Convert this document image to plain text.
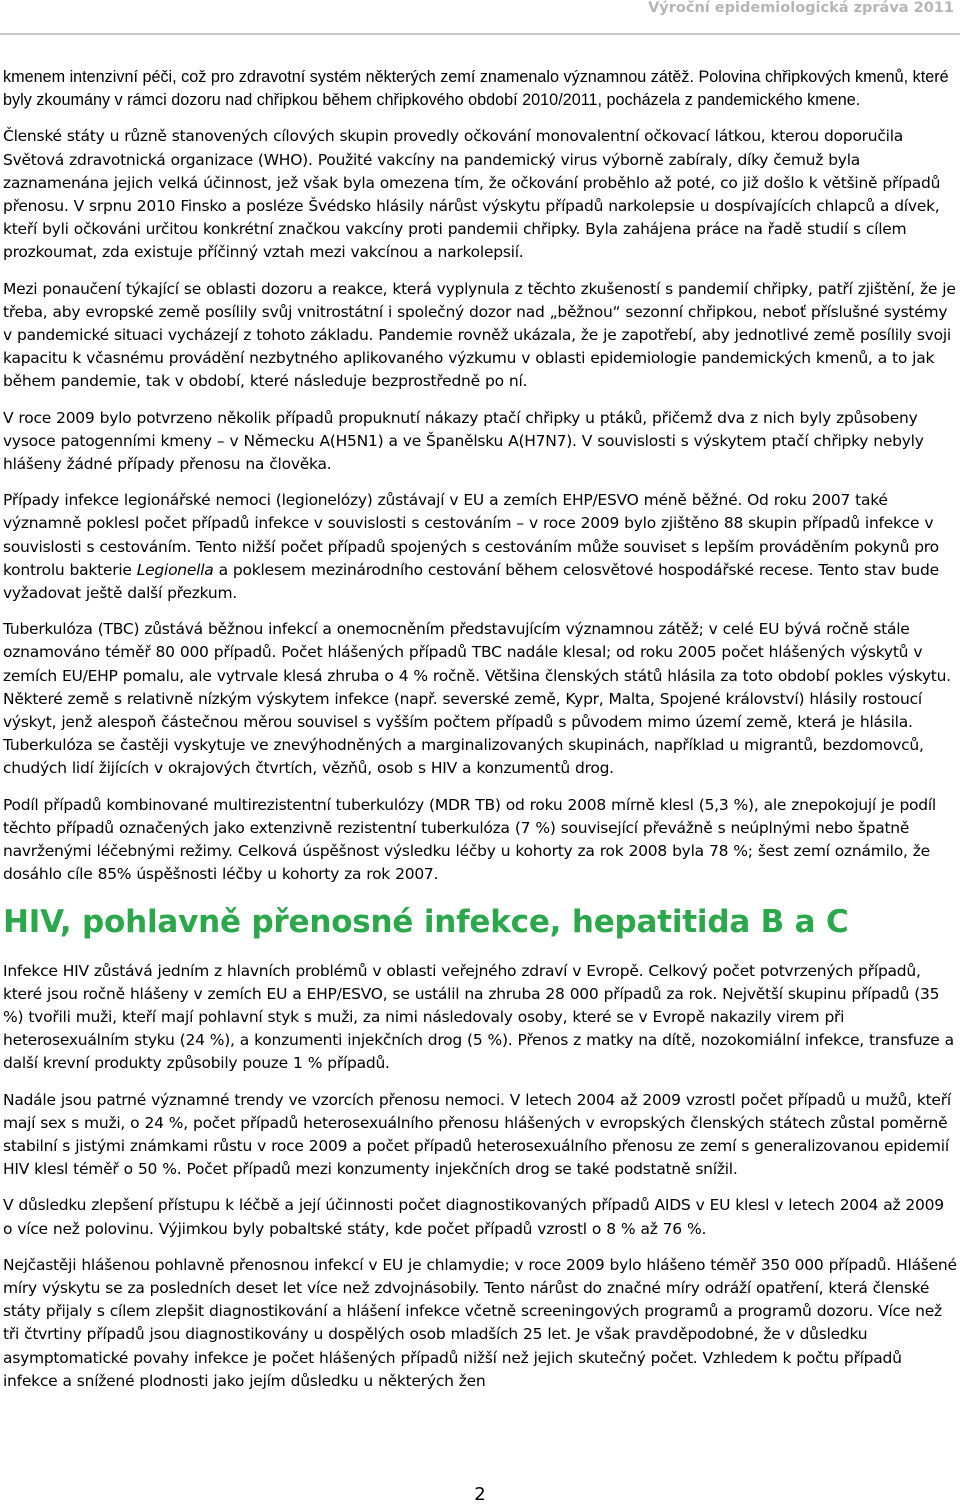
Výroční epidemiologická zpráva 2011

kmenem intenzivní péči, což pro zdravotní systém některých zemí znamenalo významnou zátěž. Polovina chřipkových kmenů, které byly zkoumány v rámci dozoru nad chřipkou během chřipkového období 2010/2011, pocházela z pandemického kmene.

Členské státy u různě stanovených cílových skupin provedly očkování monovalentní očkovací látkou, kterou doporučila Světová zdravotnická organizace (WHO). Použité vakcíny na pandemický virus výborně zabíraly, díky čemuž byla zaznamenána jejich velká účinnost, jež však byla omezena tím, že očkování proběhlo až poté, co již došlo k většině případů přenosu. V srpnu 2010 Finsko a posléze Švédsko hlásily nárůst výskytu případů narkolepsie u dospívajících chlapců a dívek, kteří byli očkováni určitou konkrétní značkou vakcíny proti pandemii chřipky. Byla zahájena práce na řadě studií s cílem prozkoumat, zda existuje příčinný vztah mezi vakcínou a narkolepsií.

Mezi ponaučení týkající se oblasti dozoru a reakce, která vyplynula z těchto zkušeností s pandemií chřipky, patří zjištění, že je třeba, aby evropské země posílily svůj vnitrostátní i společný dozor nad „běžnou“ sezonní chřipkou, neboť příslušné systémy v pandemické situaci vycházejí z tohoto základu. Pandemie rovněž ukázala, že je zapotřebí, aby jednotlivé země posílily svoji kapacitu k včasnému provádění nezbytného aplikovaného výzkumu v oblasti epidemiologie pandemických kmenů, a to jak během pandemie, tak v období, které následuje bezprostředně po ní.

V roce 2009 bylo potvrzeno několik případů propuknutí nákazy ptačí chřipky u ptáků, přičemž dva z nich byly způsobeny vysoce patogenními kmeny – v Německu A(H5N1) a ve Španělsku A(H7N7). V souvislosti s výskytem ptačí chřipky nebyly hlášeny žádné případy přenosu na člověka.

Případy infekce legionářské nemoci (legionelózy) zůstávají v EU a zemích EHP/ESVO méně běžné. Od roku 2007 také významně poklesl počet případů infekce v souvislosti s cestováním – v roce 2009 bylo zjištěno 88 skupin případů infekce v souvislosti s cestováním. Tento nižší počet případů spojených s cestováním může souviset s lepším prováděním pokynů pro kontrolu bakterie Legionella a poklesem mezinárodního cestování během celosvětové hospodářské recese. Tento stav bude vyžadovat ještě další přezkum.

Tuberkulóza (TBC) zůstává běžnou infekcí a onemocněním představujícím významnou zátěž; v celé EU bývá ročně stále oznamováno téměř 80 000 případů. Počet hlášených případů TBC nadále klesal; od roku 2005 počet hlášených výskytů v zemích EU/EHP pomalu, ale vytrvale klesá zhruba o 4 % ročně. Většina členských států hlásila za toto období pokles výskytu. Některé země s relativně nízkým výskytem infekce (např. severské země, Kypr, Malta, Spojené království) hlásily rostoucí výskyt, jenž alespoň částečnou měrou souvisel s vyšším počtem případů s původem mimo území země, která je hlásila. Tuberkulóza se častěji vyskytuje ve znevýhodněných a marginalizovaných skupinách, například u migrantů, bezdomovců, chudých lidí žijících v okrajových čtvrtích, vězňů, osob s HIV a konzumentů drog.

Podíl případů kombinované multirezistentní tuberkulózy (MDR TB) od roku 2008 mírně klesl (5,3 %), ale znepokojují je podíl těchto případů označených jako extenzivně rezistentní tuberkulóza (7 %) související převážně s neúplnými nebo špatně navrženými léčebnými režimy. Celková úspěšnost výsledku léčby u kohorty za rok 2008 byla 78 %; šest zemí oznámilo, že dosáhlo cíle 85% úspěšnosti léčby u kohorty za rok 2007.

HIV, pohlavně přenosné infekce, hepatitida B a C

Infekce HIV zůstává jedním z hlavních problémů v oblasti veřejného zdraví v Evropě. Celkový počet potvrzených případů, které jsou ročně hlášeny v zemích EU a EHP/ESVO, se ustálil na zhruba 28 000 případů za rok. Největší skupinu případů (35 %) tvořili muži, kteří mají pohlavní styk s muži, za nimi následovaly osoby, které se v Evropě nakazily virem při heterosexuálním styku (24 %), a konzumenti injekčních drog (5 %). Přenos z matky na dítě, nozokomiální infekce, transfuze a další krevní produkty způsobily pouze 1 % případů.

Nadále jsou patrné významné trendy ve vzorcích přenosu nemoci. V letech 2004 až 2009 vzrostl počet případů u mužů, kteří mají sex s muži, o 24 %, počet případů heterosexuálního přenosu hlášených v evropských členských státech zůstal poměrně stabilní s jistými známkami růstu v roce 2009 a počet případů heterosexuálního přenosu ze zemí s generalizovanou epidemií HIV klesl téměř o 50 %. Počet případů mezi konzumenty injekčních drog se také podstatně snížil.

V důsledku zlepšení přístupu k léčbě a její účinnosti počet diagnostikovaných případů AIDS v EU klesl v letech 2004 až 2009 o více než polovinu. Výjimkou byly pobaltské státy, kde počet případů vzrostl o 8 % až 76 %.

Nejčastěji hlášenou pohlavně přenosnou infekcí v EU je chlamydie; v roce 2009 bylo hlášeno téměř 350 000 případů. Hlášené míry výskytu se za posledních deset let více než zdvojnásobily. Tento nárůst do značné míry odráží opatření, která členské státy přijaly s cílem zlepšit diagnostikování a hlášení infekce včetně screeningových programů a programů dozoru. Více než tři čtvrtiny případů jsou diagnostikovány u dospělých osob mladších 25 let. Je však pravděpodobné, že v důsledku asymptomatické povahy infekce je počet hlášených případů nižší než jejich skutečný počet. Vzhledem k počtu případů infekce a snížené plodnosti jako jejím důsledku u některých žen

2
